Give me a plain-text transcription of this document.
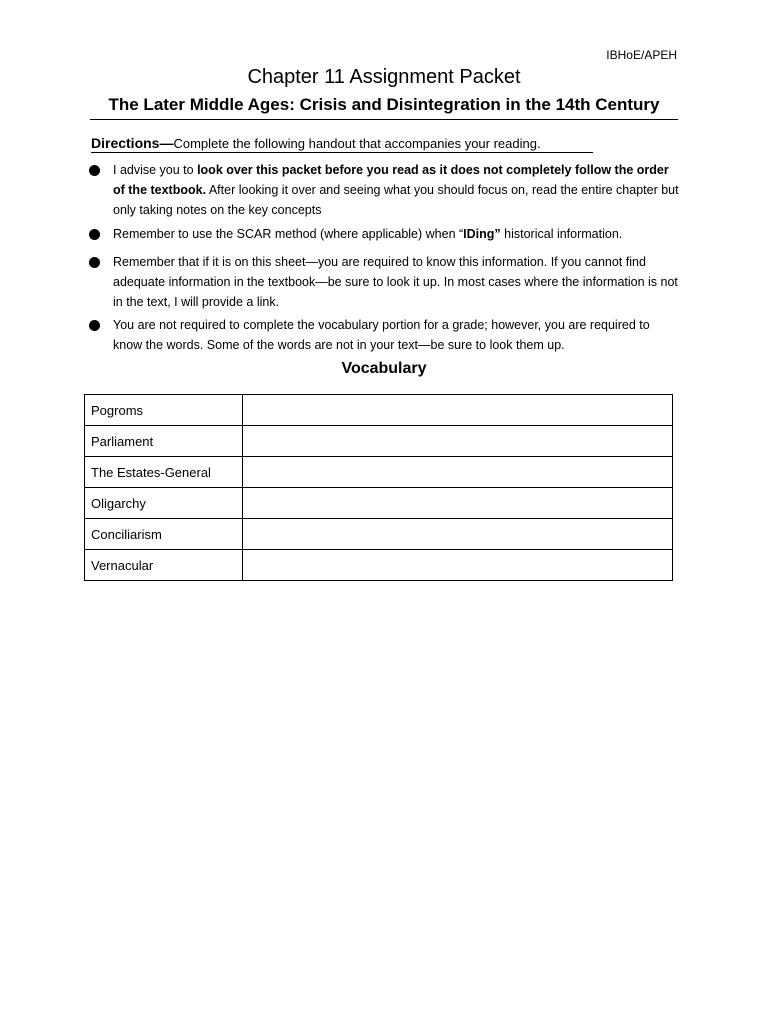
IBHoE/APEH
Chapter 11 Assignment Packet
The Later Middle Ages: Crisis and Disintegration in the 14th Century
Directions—Complete the following handout that accompanies your reading.
I advise you to look over this packet before you read as it does not completely follow the order of the textbook. After looking it over and seeing what you should focus on, read the entire chapter but only taking notes on the key concepts
Remember to use the SCAR method (where applicable) when “IDing” historical information.
Remember that if it is on this sheet—you are required to know this information. If you cannot find adequate information in the textbook—be sure to look it up. In most cases where the information is not in the text, I will provide a link.
You are not required to complete the vocabulary portion for a grade; however, you are required to know the words. Some of the words are not in your text—be sure to look them up.
Vocabulary
Pogroms	
Parliament	
The Estates-General	
Oligarchy	
Conciliarism	
Vernacular	
